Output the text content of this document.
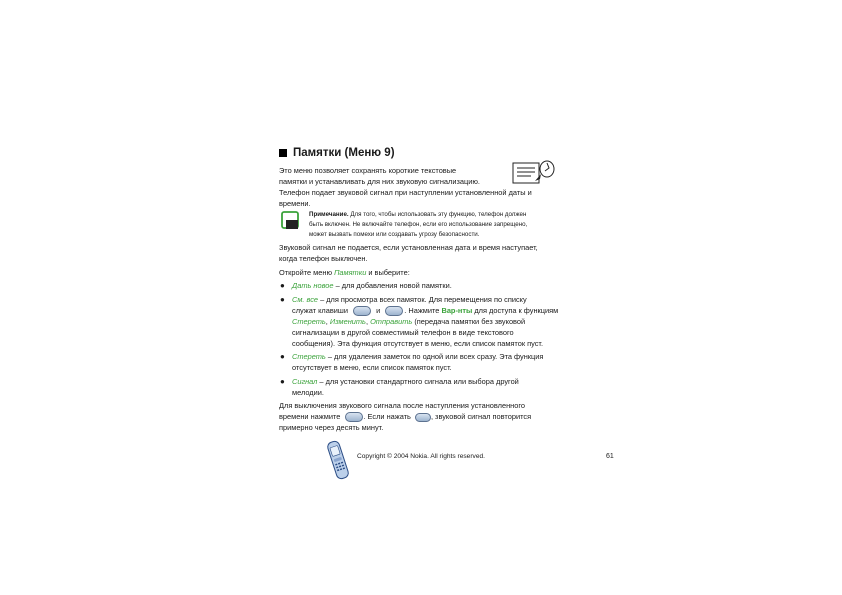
Памятки (Меню 9)
Это меню позволяет сохранять короткие текстовые
памятки и устанавливать для них звуковую сигнализацию.
Телефон подает звуковой сигнал при наступлении установленной даты и
времени.
Примечание. Для того, чтобы использовать эту функцию, телефон должен
быть включен. Не включайте телефон, если его использование запрещено,
может вызвать помехи или создавать угрозу безопасности.
Звуковой сигнал не подается, если установленная дата и время наступает,
когда телефон выключен.
Откройте меню Памятки и выберите:
● Дать новое – для добавления новой памятки.
● См. все – для просмотра всех памяток. Для перемещения по списку
служат клавиши	и	. Нажмите Вар-нты для доступа к функциям
Стереть, Изменить, Отправить (передача памятки без звуковой
сигнализации в другой совместимый телефон в виде текстового
сообщения). Эта функция отсутствует в меню, если список памяток пуст.
● Стереть – для удаления заметок по одной или всех сразу. Эта функция
отсутствует в меню, если список памяток пуст.
● Сигнал – для установки стандартного сигнала или выбора другой
мелодии.
Для выключения звукового сигнала после наступления установленного
времени нажмите	. Если нажать	, звуковой сигнал повторится
примерно через десять минут.
Copyright © 2004 Nokia. All rights reserved.	61
